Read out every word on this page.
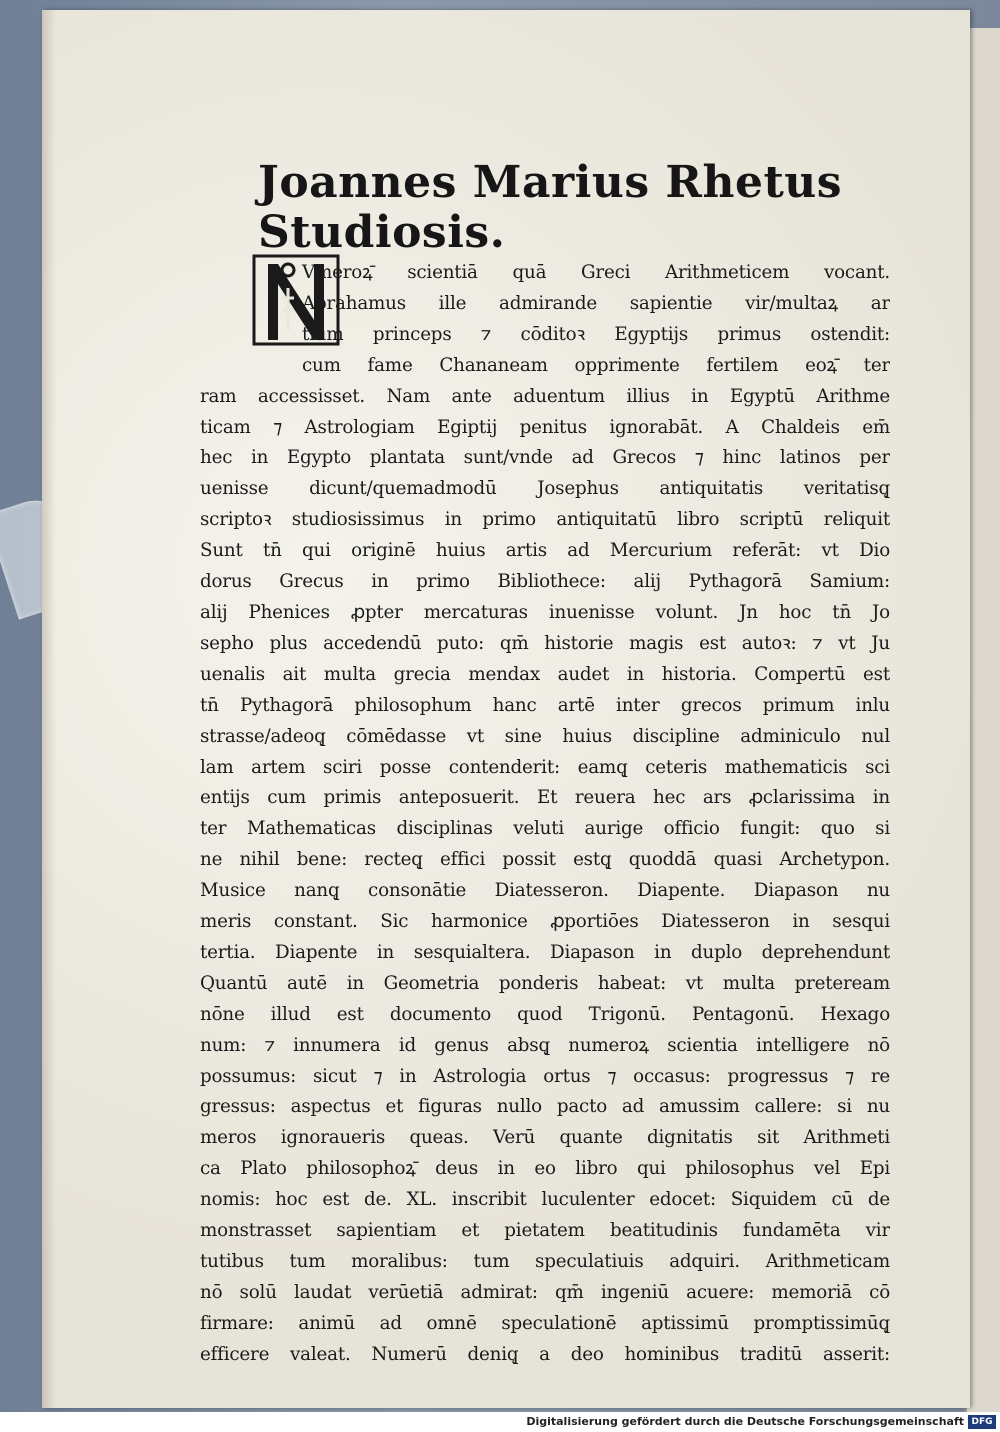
Joannes Marius Rhetus
Studiosis.
Vmeroꝝ̄ scientiā quā Greci Arithmeticem vocant.
Abrahamus ille admirande sapientie vir/multaꝝ ar
tium princeps ⁊ cōditoꝛ Egyptijs primus ostendit:
cum fame Chananeam opprimente fertilem eoꝝ̄ ter
ram accessisset. Nam ante aduentum illius in Egyptū Arithme
ticam ⁊ Astrologiam Egiptij penitus ignorabāt. A Chaldeis em̄
hec in Egypto plantata sunt/vnde ad Grecos ⁊ hinc latinos per
uenisse dicunt/quemadmodū Josephus antiquitatis veritatisq̨
scriptoꝛ studiosissimus in primo antiquitatū libro scriptū reliquit
Sunt tn̄ qui originē huius artis ad Mercurium referāt: vt Dio
dorus Grecus in primo Bibliothece: alij Pythagorā Samium:
alij Phenices ꝓpter mercaturas inuenisse volunt. Jn hoc tn̄ Jo
sepho plus accedendū puto: qm̄ historie magis est autoꝛ: ⁊ vt Ju
uenalis ait multa grecia mendax audet in historia. Compertū est
tn̄ Pythagorā philosophum hanc artē inter grecos primum inlu
strasse/adeoq̨ cōmēdasse vt sine huius discipline adminiculo nul
lam artem sciri posse contenderit: eamq̨ ceteris mathematicis sci
entijs cum primis anteposuerit. Et reuera hec ars ꝓclarissima in
ter Mathematicas disciplinas veluti aurige officio fungit: quo si
ne nihil bene: recteq̨ effici possit estq̨ quoddā quasi Archetypon.
Musice nanq̨ consonātie Diatesseron. Diapente. Diapason nu
meris constant. Sic harmonice ꝓportiōes Diatesseron in sesqui
tertia. Diapente in sesquialtera. Diapason in duplo deprehendunt
Quantū autē in Geometria ponderis habeat: vt multa preteream
nōne illud est documento quod Trigonū. Pentagonū. Hexago
num: ⁊ innumera id genus absq̨ numeroꝝ scientia intelligere nō
possumus: sicut ⁊ in Astrologia ortus ⁊ occasus: progressus ⁊ re
gressus: aspectus et figuras nullo pacto ad amussim callere: si nu
meros ignoraueris queas. Verū quante dignitatis sit Arithmeti
ca Plato philosophoꝝ̄ deus in eo libro qui philosophus vel Epi
nomis: hoc est de. XL. inscribit luculenter edocet: Siquidem cū de
monstrasset sapientiam et pietatem beatitudinis fundamēta vir
tutibus tum moralibus: tum speculatiuis adquiri. Arithmeticam
nō solū laudat verūetiā admirat: qm̄ ingeniū acuere: memoriā cō
firmare: animū ad omnē speculationē aptissimū promptissimūq̨
efficere valeat. Numerū deniq̨ a deo hominibus traditū asserit:
Digitalisierung gefördert durch die Deutsche Forschungsgemeinschaft DFG
